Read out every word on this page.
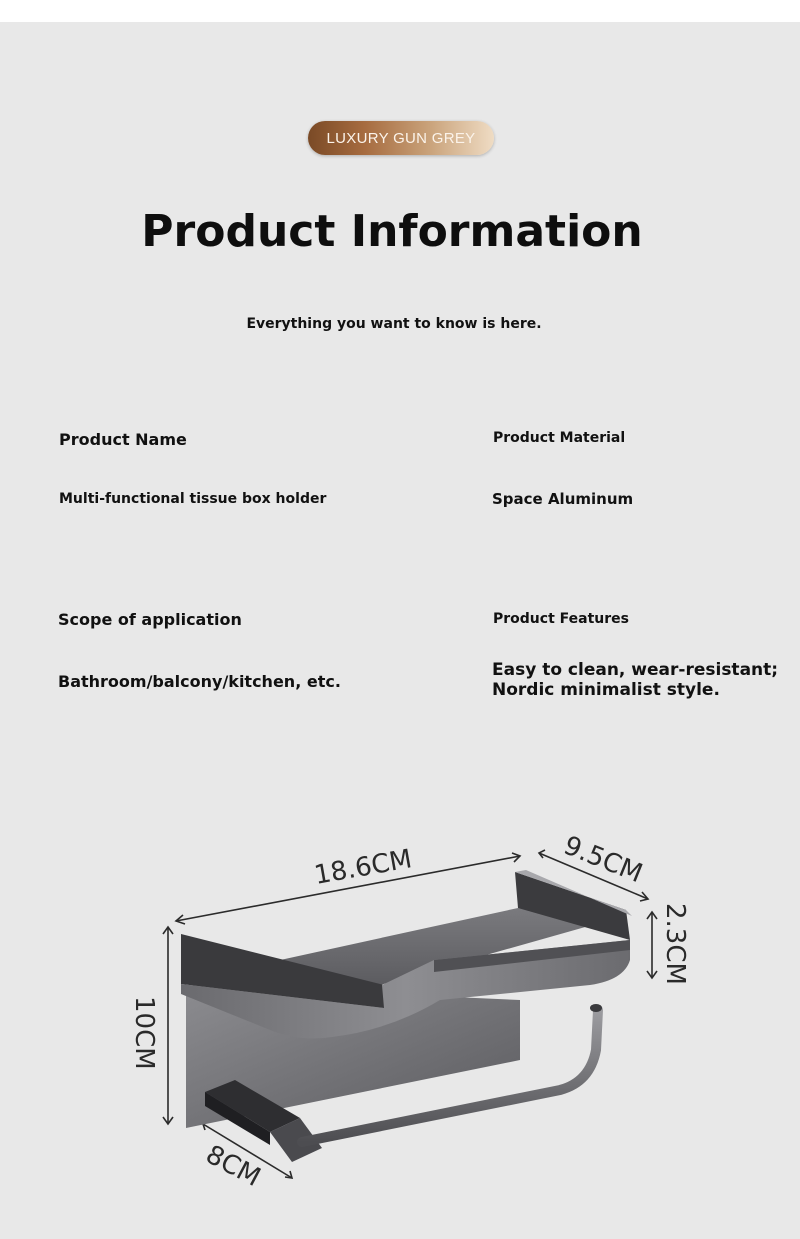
LUXURY GUN GREY
Product Information
Everything you want to know is here.
Product Name
Multi-functional tissue box holder
Product Material
Space Aluminum
Scope of application
Bathroom/balcony/kitchen, etc.
Product Features
Easy to clean, wear-resistant;
Nordic minimalist style.
18.6CM	9.5CM
10CM
2.3CM
8CM
